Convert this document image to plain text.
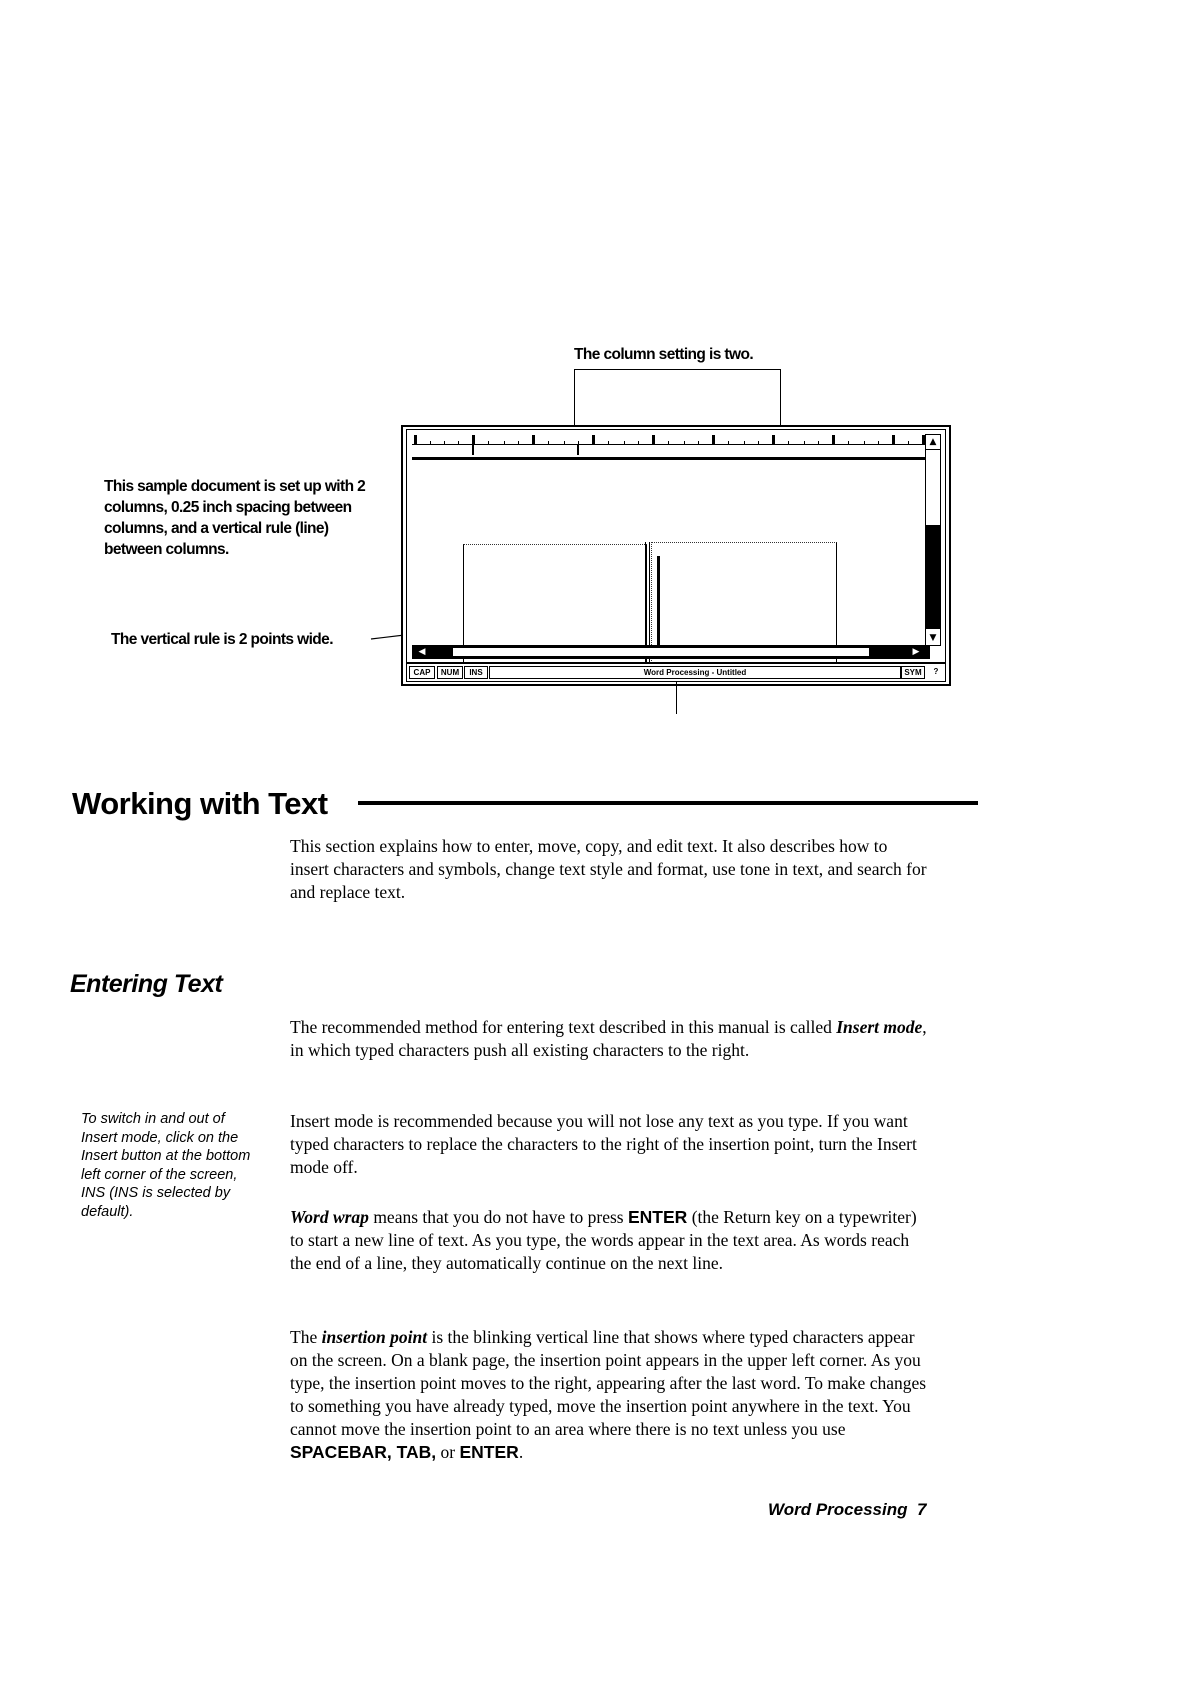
The column setting is two.
This sample document is set up with 2 columns, 0.25 inch spacing between columns, and a vertical rule (line) between columns.
The vertical rule is 2 points wide.
▲
▼
◀	▶
CAP	NUM	INS	Word Processing - Untitled	SYM	?
Working with Text
This section explains how to enter, move, copy, and edit text. It also describes how to insert characters and symbols, change text style and format, use tone in text, and search for and replace text.
Entering Text
The recommended method for entering text described in this manual is called Insert mode, in which typed characters push all existing characters to the right.
To switch in and out of Insert mode, click on the Insert button at the bottom left corner of the screen, INS (INS is selected by default).
Insert mode is recommended because you will not lose any text as you type. If you want typed characters to replace the characters to the right of the insertion point, turn the Insert mode off.
Word wrap means that you do not have to press ENTER (the Return key on a typewriter) to start a new line of text. As you type, the words appear in the text area. As words reach the end of a line, they automatically continue on the next line.
The insertion point is the blinking vertical line that shows where typed characters appear on the screen. On a blank page, the insertion point appears in the upper left corner. As you type, the insertion point moves to the right, appearing after the last word. To make changes to something you have already typed, move the insertion point anywhere in the text. You cannot move the insertion point to an area where there is no text unless you use SPACEBAR, TAB, or ENTER.
Word Processing 7
